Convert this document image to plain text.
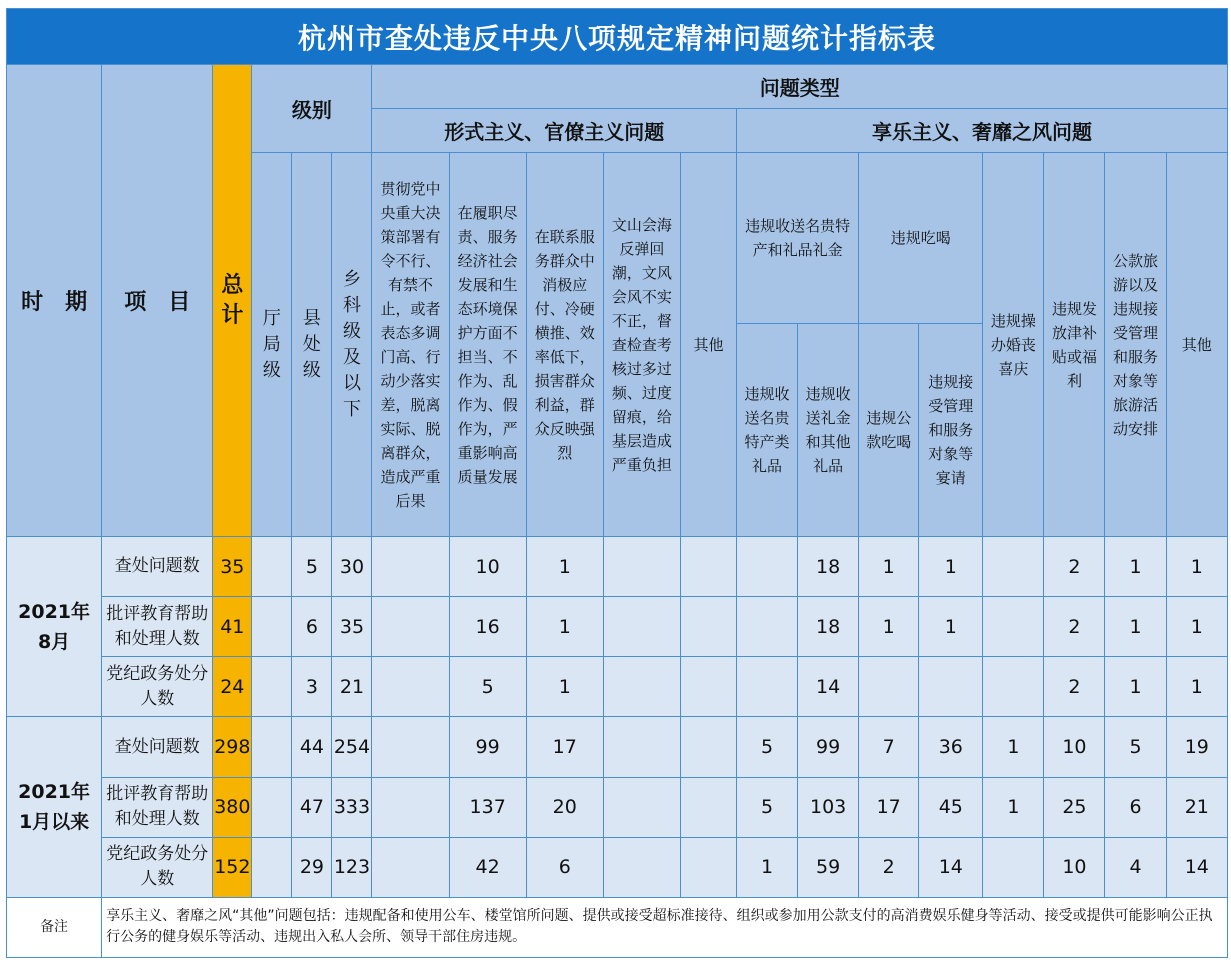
杭州市查处违反中央八项规定精神问题统计指标表																		
时　期	项　目	总计	级别			问题类型												
						形式主义、官僚主义问题					享乐主义、奢靡之风问题							

			厅局级	县处级	乡科级及以下	贯彻党中央重大决策部署有令不行、有禁不止，或者表态多调门高、行动少落实差，脱离实际、脱离群众，造成严重后果	在履职尽责、服务经济社会发展和生态环境保护方面不担当、不作为、乱作为、假作为，严重影响高质量发展	在联系服务群众中消极应付、冷硬横推、效率低下，损害群众利益，群众反映强烈	文山会海反弹回潮，文风会风不实不正，督查检查考核过多过频、过度留痕，给基层造成严重负担	其他	违规收送名贵特产和礼品礼金		违规吃喝		违规操办婚丧喜庆	违规发放津补贴或福利	公款旅游以及违规接受管理和服务对象等旅游活动安排	其他
											违规收送名贵特产类礼品	违规收送礼金和其他礼品	违规公款吃喝	违规接受管理和服务对象等宴请				

2021年
8月	查处问题数	35		5	30		10	1				18	1	1		2	1	1
	批评教育帮助和处理人数	41		6	35		16	1				18	1	1		2	1	1
	党纪政务处分人数	24		3	21		5	1				14				2	1	1

2021年
1月以来	查处问题数	298		44	254		99	17			5	99	7	36	1	10	5	19
	批评教育帮助和处理人数	380		47	333		137	20			5	103	17	45	1	25	6	21
	党纪政务处分人数	152		29	123		42	6			1	59	2	14		10	4	14
备注	享乐主义、奢靡之风“其他”问题包括：违规配备和使用公车、楼堂馆所问题、提供或接受超标准接待、组织或参加用公款支付的高消费娱乐健身等活动、接受或提供可能影响公正执行公务的健身娱乐等活动、违规出入私人会所、领导干部住房违规。																	
